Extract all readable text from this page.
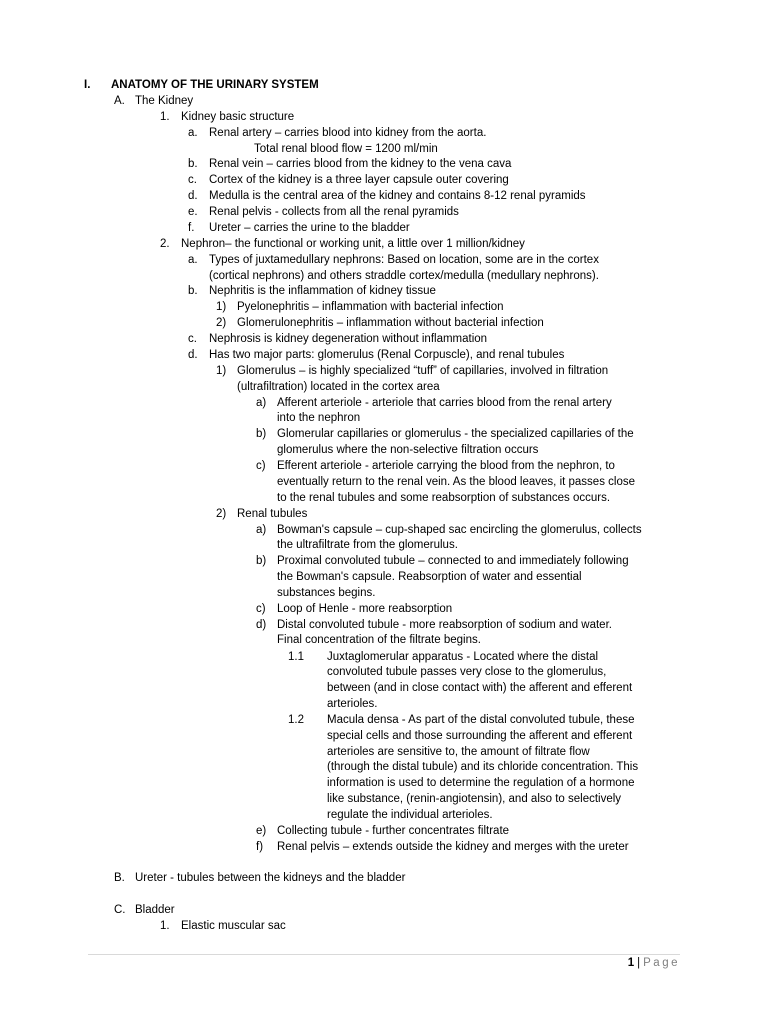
I. ANATOMY OF THE URINARY SYSTEM
A. The Kidney
1. Kidney basic structure
a. Renal artery – carries blood into kidney from the aorta.
Total renal blood flow = 1200 ml/min
b. Renal vein – carries blood from the kidney to the vena cava
c. Cortex of the kidney is a three layer capsule outer covering
d. Medulla is the central area of the kidney and contains 8-12 renal pyramids
e. Renal pelvis - collects from all the renal pyramids
f. Ureter – carries the urine to the bladder
2. Nephron– the functional or working unit, a little over 1 million/kidney
a. Types of juxtamedullary nephrons: Based on location, some are in the cortex
(cortical nephrons) and others straddle cortex/medulla (medullary nephrons).
b. Nephritis is the inflammation of kidney tissue
1) Pyelonephritis – inflammation with bacterial infection
2) Glomerulonephritis – inflammation without bacterial infection
c. Nephrosis is kidney degeneration without inflammation
d. Has two major parts: glomerulus (Renal Corpuscle), and renal tubules
1) Glomerulus – is highly specialized “tuff” of capillaries, involved in filtration
(ultrafiltration) located in the cortex area
a) Afferent arteriole - arteriole that carries blood from the renal artery
into the nephron
b) Glomerular capillaries or glomerulus - the specialized capillaries of the
glomerulus where the non-selective filtration occurs
c) Efferent arteriole - arteriole carrying the blood from the nephron, to
eventually return to the renal vein. As the blood leaves, it passes close
to the renal tubules and some reabsorption of substances occurs.
2) Renal tubules
a) Bowman's capsule – cup-shaped sac encircling the glomerulus, collects
the ultrafiltrate from the glomerulus.
b) Proximal convoluted tubule – connected to and immediately following
the Bowman's capsule. Reabsorption of water and essential
substances begins.
c) Loop of Henle - more reabsorption
d) Distal convoluted tubule - more reabsorption of sodium and water.
Final concentration of the filtrate begins.
1.1 Juxtaglomerular apparatus - Located where the distal
convoluted tubule passes very close to the glomerulus,
between (and in close contact with) the afferent and efferent
arterioles.
1.2 Macula densa - As part of the distal convoluted tubule, these
special cells and those surrounding the afferent and efferent
arterioles are sensitive to, the amount of filtrate flow
(through the distal tubule) and its chloride concentration. This
information is used to determine the regulation of a hormone
like substance, (renin-angiotensin), and also to selectively
regulate the individual arterioles.
e) Collecting tubule - further concentrates filtrate
f) Renal pelvis – extends outside the kidney and merges with the ureter
B. Ureter - tubules between the kidneys and the bladder
C. Bladder
1. Elastic muscular sac
1 | Page
